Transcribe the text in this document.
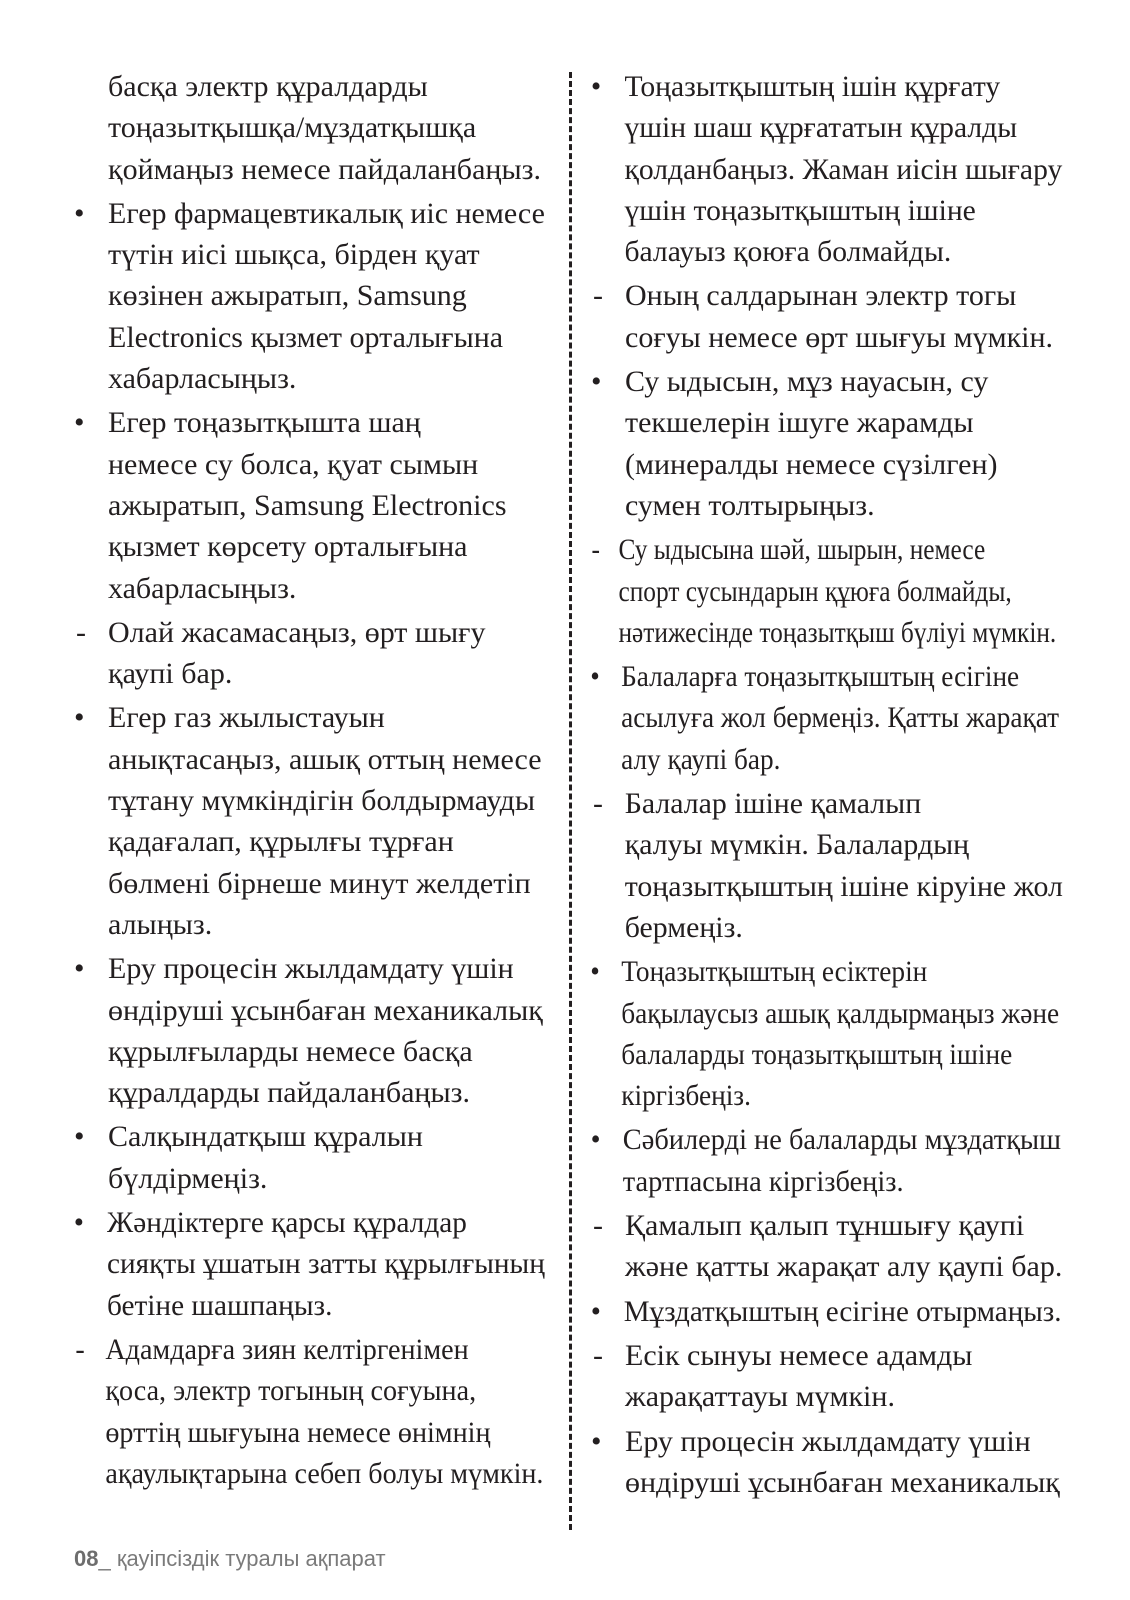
басқа электр құралдарды
тоңазытқышқа/мұздатқышқа
қоймаңыз немесе пайдаланбаңыз.
• Егер фармацевтикалық иіс немесе
түтін иісі шықса, бірден қуат
көзінен ажыратып, Samsung
Electronics қызмет орталығына
хабарласыңыз.
• Егер тоңазытқышта шаң
немесе су болса, қуат сымын
ажыратып, Samsung Electronics
қызмет көрсету орталығына
хабарласыңыз.
- Олай жасамасаңыз, өрт шығу
қаупі бар.
• Егер газ жылыстауын
анықтасаңыз, ашық оттың немесе
тұтану мүмкіндігін болдырмауды
қадағалап, құрылғы тұрған
бөлмені бірнеше минут желдетіп
алыңыз.
• Еру процесін жылдамдату үшін
өндіруші ұсынбаған механикалық
құрылғыларды немесе басқа
құралдарды пайдаланбаңыз.
• Салқындатқыш құралын
бүлдірмеңіз.
• Жәндіктерге қарсы құралдар
сияқты ұшатын затты құрылғының
бетіне шашпаңыз.
- Адамдарға зиян келтіргенімен
қоса, электр тогының соғуына,
өрттің шығуына немесе өнімнің
ақаулықтарына себеп болуы мүмкін.
• Тоңазытқыштың ішін құрғату
үшін шаш құрғататын құралды
қолданбаңыз. Жаман иісін шығару
үшін тоңазытқыштың ішіне
балауыз қоюға болмайды.
- Оның салдарынан электр тогы
соғуы немесе өрт шығуы мүмкін.
• Су ыдысын, мұз науасын, су
текшелерін ішуге жарамды
(минералды немесе сүзілген)
сумен толтырыңыз.
- Су ыдысына шәй, шырын, немесе
спорт сусындарын құюға болмайды,
нәтижесінде тоңазытқыш бүліуі мүмкін.
• Балаларға тоңазытқыштың есігіне
асылуға жол бермеңіз. Қатты жарақат
алу қаупі бар.
- Балалар ішіне қамалып
қалуы мүмкін. Балалардың
тоңазытқыштың ішіне кіруіне жол
бермеңіз.
• Тоңазытқыштың есіктерін
бақылаусыз ашық қалдырмаңыз және
балаларды тоңазытқыштың ішіне
кіргізбеңіз.
• Сәбилерді не балаларды мұздатқыш
тартпасына кіргізбеңіз.
- Қамалып қалып тұншығу қаупі
және қатты жарақат алу қаупі бар.
• Мұздатқыштың есігіне отырмаңыз.
- Есік сынуы немесе адамды
жарақаттауы мүмкін.
• Еру процесін жылдамдату үшін
өндіруші ұсынбаған механикалық
08_ қауіпсіздік туралы ақпарат
